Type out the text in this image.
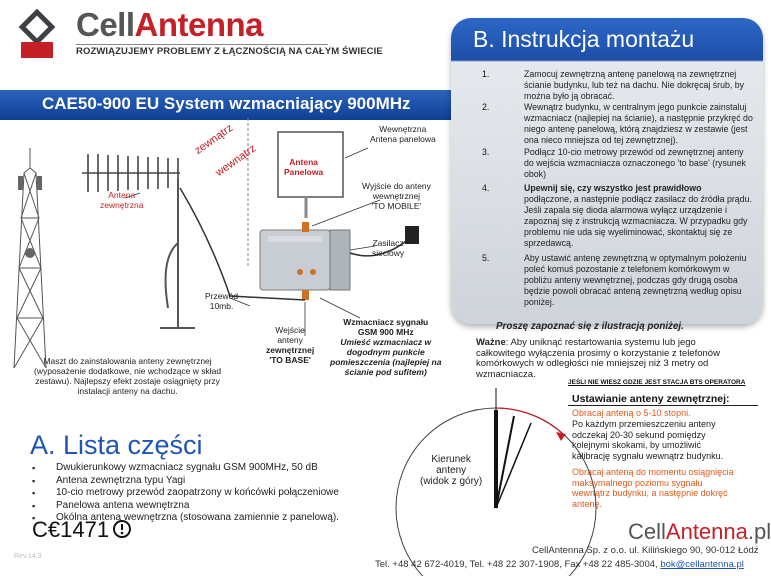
CellAntenna
ROZWIĄZUJEMY PROBLEMY Z ŁĄCZNOŚCIĄ NA CAŁYM ŚWIECIE
CAE50-900 EU System wzmacniający 900MHz
B. Instrukcja montażu
1.	Zamocuj zewnętrzną antenę panelową na zewnętrznej
ścianie budynku, lub też na dachu. Nie dokręcaj śrub, by
można było ją obracać.
2.	Wewnątrz budynku, w centralnym jego punkcie zainstaluj
wzmacniacz (najlepiej na ścianie), a następnie przykręć do
niego antenę panelową, którą znajdziesz w zestawie (jest
ona nieco mniejsza od tej zewnętrznej).
3.	Podłącz 10-cio metrowy przewód od zewnętrznej anteny
do wejścia wzmacniacza oznaczonego 'to base' (rysunek
obok)
4.	Upewnij się, czy wszystko jest prawidłowo
podłączone, a następnie podłącz zasilacz do źródła prądu.
Jeśli zapala się dioda alarmowa wyłącz urządzenie i
zapoznaj się z instrukcją wzmacniacza. W przypadku gdy
problemu nie uda się wyeliminować, skontaktuj się ze
sprzedawcą.
5.	Aby ustawić antenę zewnętrzną w optymalnym położeniu
poleć komuś pozostanie z telefonem komórkowym w
pobliżu anteny wewnętrznej, podczas gdy drugą osoba
będzie powoli obracać anteną zewnętrzną według opisu
poniżej.
zewnątrz
wewnątrz
Antena
zewnętrzna
Wewnętrzna
Antena panelowa
Antena
Panelowa
Wyjście do anteny
wewnętrznej
'TO MOBILE'
Zasilacz
sieciowy
Przewód
10mb.
Wejście
anteny
zewnętrznej
'TO BASE'
Wzmacniacz sygnału
GSM 900 MHz
Umieść wzmacniacz w
dogodnym punkcie
pomieszczenia (najlepiej na
ścianie pod sufitem)
Maszt do zainstalowania anteny zewnętrznej
(wyposażenie dodatkowe, nie wchodzące w skład
zestawu). Najlepszy efekt zostaje osiągnięty przy
instalacji anteny na dachu.
Proszę zapoznać się z ilustracją poniżej.
Ważne: Aby uniknąć restartowania systemu lub jego całkowitego wyłączenia prosimy o korzystanie z telefonów komórkowych w odległości nie mniejszej niż 3 metry od wzmacniacza.
JEŚLI NIE WIESZ GDZIE JEST STACJA BTS OPERATORA
Ustawianie anteny zewnętrznej:
Obracaj anteną o 5-10 stopni.
Po każdym przemieszczeniu anteny
odczekaj 20-30 sekund pomiędzy
kolejnymi skokami, by umożliwić
kalibrację sygnału wewnątrz budynku.
Obracaj anteną do momentu osiągnięcia
maksymalnego poziomu sygnału
wewnątrz budynku, a następnie dokręć
antenę.
Kierunek
anteny
(widok z góry)
A. Lista części
▪ Dwukierunkowy wzmacniacz sygnału GSM 900MHz, 50 dB
▪ Antena zewnętrzna typu Yagi
▪ 10-cio metrowy przewód zaopatrzony w końcówki połączeniowe
▪ Panelowa antena wewnętrzna
▪ Okólna antena wewnętrzna (stosowana zamiennie z panelową).
C€1471
Rev.14.3
CellAntenna.pl
CellAntenna Sp. z o.o. ul. Kilińskiego 90, 90-012 Łódź
Tel. +48 42 672-4019, Tel. +48 22 307-1908, Fax +48 22 485-3004, bok@cellantenna.pl
